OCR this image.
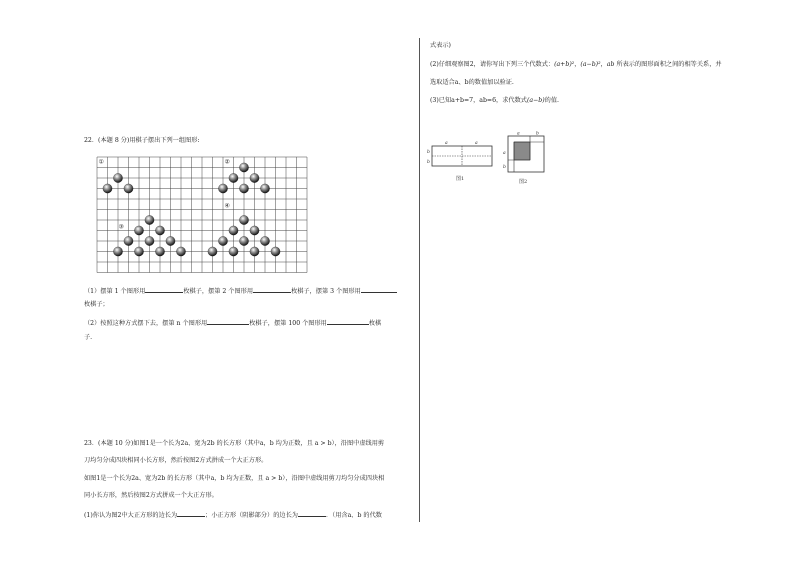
式表示)
(2)仔细观察图2，请你写出下列三个代数式：(a+b)²，(a−b)²，ab 所表示的图形面积之间的相等关系，并
选取适合a、b的数值加以验证.
(3)已知a+b=7，ab=6，求代数式(a−b)的值.
a	a
b
b
图1
a	b
a
b
图2
22．(本题 8 分)用棋子摆出下列一组图形:
①	②
③
④
（1）摆第 1 个图形用	枚棋子，摆第 2 个图形用	枚棋子，摆第 3 个图形用
枚棋子；
（2）按照这种方式摆下去，摆第 n 个图形用	枚棋子，摆第 100 个图形用	枚棋
子.
23．(本题 10 分)如图1是一个长为2a、宽为2b 的长方形（其中a，b 均为正数，且 a > b），沿图中虚线用剪
刀均匀分成四块相同小长方形，然后按图2方式拼成一个大正方形。
如图1是一个长为2a、宽为2b 的长方形（其中a，b 均为正数，且 a > b），沿图中虚线用剪刀均匀分成四块相
同小长方形，然后按图2方式拼成一个大正方形。
(1)你认为图2中大正方形的边长为	；小正方形（阴影部分）的边长为	．（用含a、b 的代数
